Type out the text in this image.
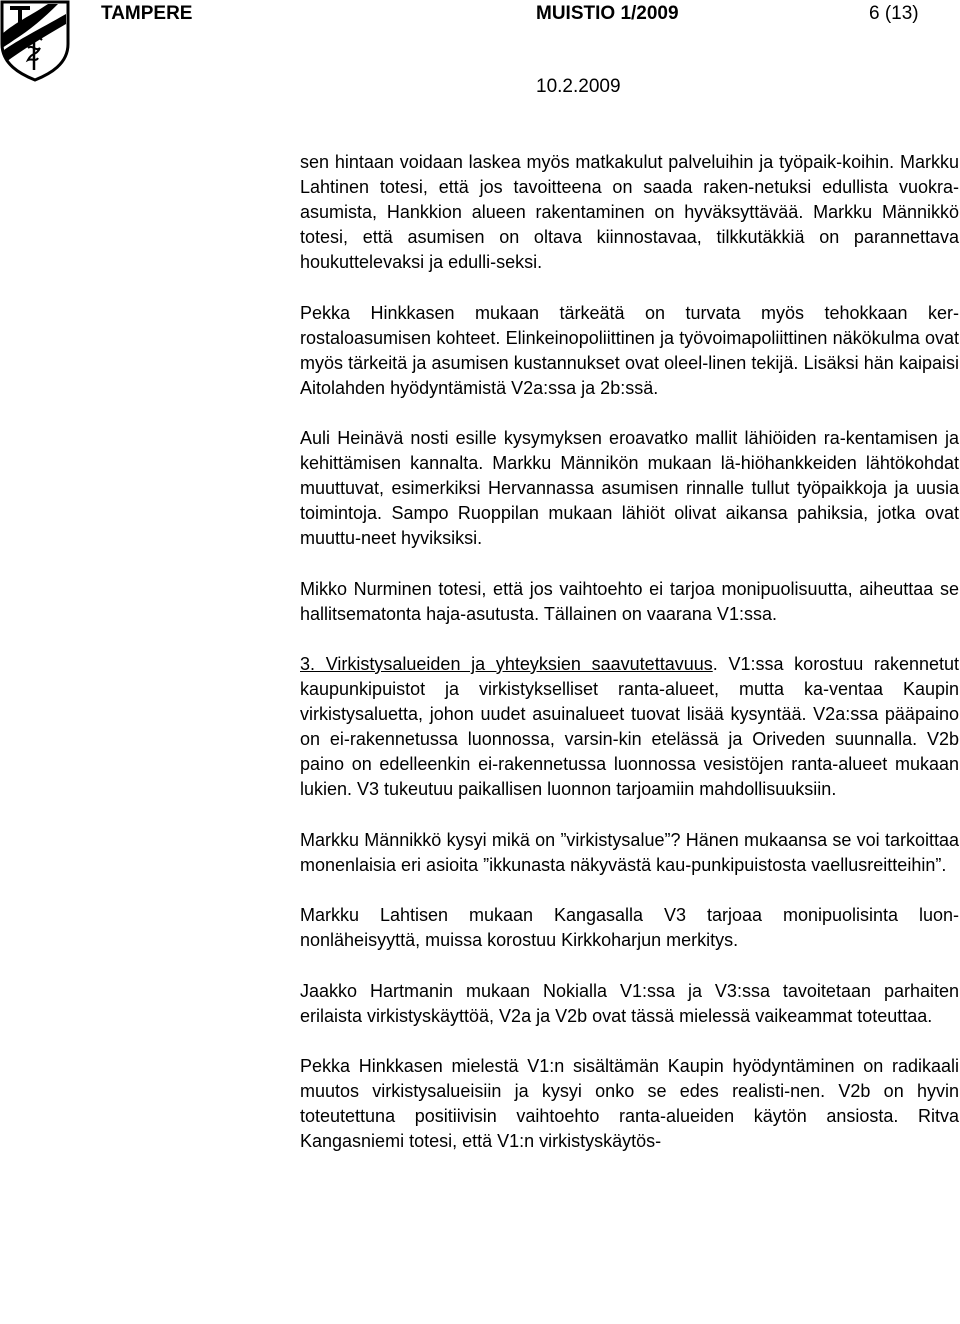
TAMPERE	MUISTIO 1/2009	6 (13)
10.2.2009

sen hintaan voidaan laskea myös matkakulut palveluihin ja työpaik-koihin. Markku Lahtinen totesi, että jos tavoitteena on saada raken-netuksi edullista vuokra-asumista, Hankkion alueen rakentaminen on hyväksyttävää. Markku Männikkö totesi, että asumisen on oltava kiinnostavaa, tilkkutäkkiä on parannettava houkuttelevaksi ja edulli-seksi.

Pekka Hinkkasen mukaan tärkeätä on turvata myös tehokkaan ker-rostaloasumisen kohteet. Elinkeinopoliittinen ja työvoimapoliittinen näkökulma ovat myös tärkeitä ja asumisen kustannukset ovat oleel-linen tekijä. Lisäksi hän kaipaisi Aitolahden hyödyntämistä V2a:ssa ja 2b:ssä.

Auli Heinävä nosti esille kysymyksen eroavatko mallit lähiöiden ra-kentamisen ja kehittämisen kannalta. Markku Männikön mukaan lä-hiöhankkeiden lähtökohdat muuttuvat, esimerkiksi Hervannassa asumisen rinnalle tullut työpaikkoja ja uusia toimintoja. Sampo Ruoppilan mukaan lähiöt olivat aikansa pahiksia, jotka ovat muuttu-neet hyviksiksi.

Mikko Nurminen totesi, että jos vaihtoehto ei tarjoa monipuolisuutta, aiheuttaa se hallitsematonta haja-asutusta. Tällainen on vaarana V1:ssa.

3. Virkistysalueiden ja yhteyksien saavutettavuus. V1:ssa korostuu rakennetut kaupunkipuistot ja virkistykselliset ranta-alueet, mutta ka-ventaa Kaupin virkistysaluetta, johon uudet asuinalueet tuovat lisää kysyntää. V2a:ssa pääpaino on ei-rakennetussa luonnossa, varsin-kin etelässä ja Oriveden suunnalla. V2b paino on edelleenkin ei-rakennetussa luonnossa vesistöjen ranta-alueet mukaan lukien. V3 tukeutuu paikallisen luonnon tarjoamiin mahdollisuuksiin.

Markku Männikkö kysyi mikä on ”virkistysalue”? Hänen mukaansa se voi tarkoittaa monenlaisia eri asioita ”ikkunasta näkyvästä kau-punkipuistosta vaellusreitteihin”.

Markku Lahtisen mukaan Kangasalla V3 tarjoaa monipuolisinta luon-nonläheisyyttä, muissa korostuu Kirkkoharjun merkitys.

Jaakko Hartmanin mukaan Nokialla V1:ssa ja V3:ssa tavoitetaan parhaiten erilaista virkistyskäyttöä, V2a ja V2b ovat tässä mielessä vaikeammat toteuttaa.

Pekka Hinkkasen mielestä V1:n sisältämän Kaupin hyödyntäminen on radikaali muutos virkistysalueisiin ja kysyi onko se edes realisti-nen. V2b on hyvin toteutettuna positiivisin vaihtoehto ranta-alueiden käytön ansiosta. Ritva Kangasniemi totesi, että V1:n virkistyskäytös-
